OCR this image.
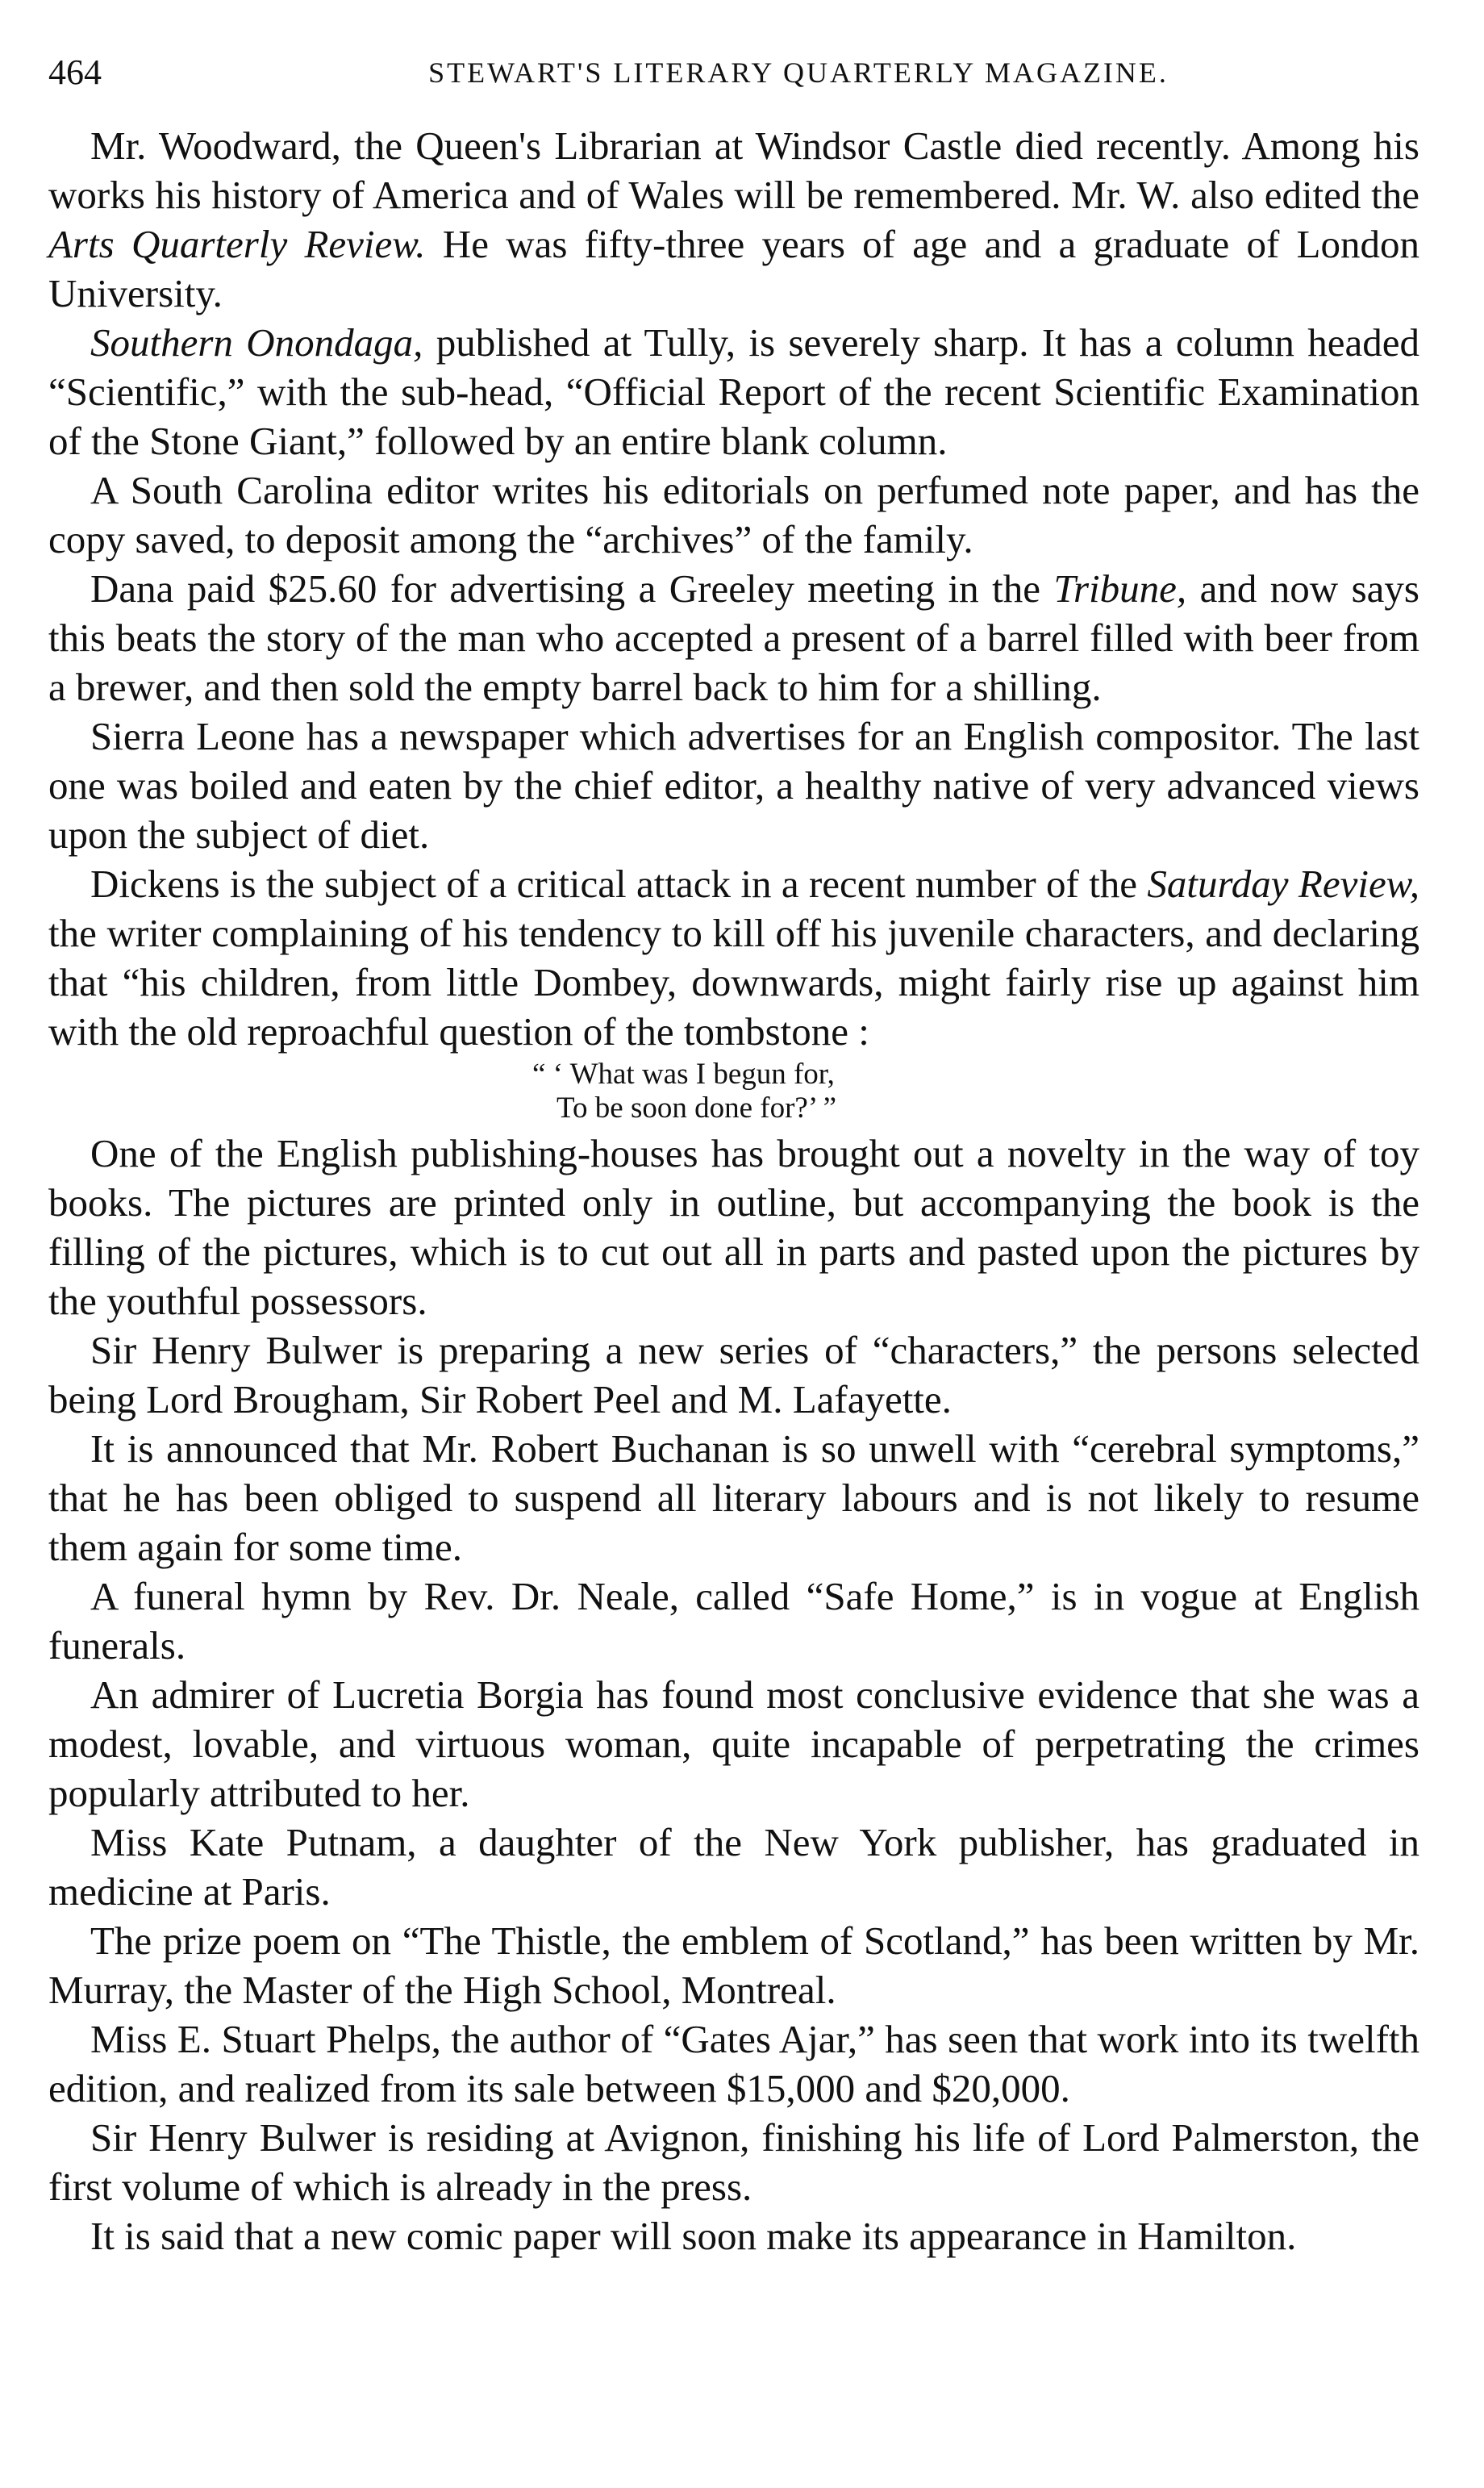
464	STEWART'S LITERARY QUARTERLY MAGAZINE.

Mr. Woodward, the Queen's Librarian at Windsor Castle died recently. Among his works his history of America and of Wales will be remembered. Mr. W. also edited the Arts Quarterly Review. He was fifty-three years of age and a graduate of London University.

Southern Onondaga, published at Tully, is severely sharp. It has a column headed “Scientific,” with the sub-head, “Official Report of the recent Scientific Examination of the Stone Giant,” followed by an entire blank column.

A South Carolina editor writes his editorials on perfumed note paper, and has the copy saved, to deposit among the “archives” of the family.

Dana paid $25.60 for advertising a Greeley meeting in the Tribune, and now says this beats the story of the man who accepted a present of a barrel filled with beer from a brewer, and then sold the empty barrel back to him for a shilling.

Sierra Leone has a newspaper which advertises for an English compositor. The last one was boiled and eaten by the chief editor, a healthy native of very advanced views upon the subject of diet.

Dickens is the subject of a critical attack in a recent number of the Saturday Review, the writer complaining of his tendency to kill off his juvenile characters, and declaring that “his children, from little Dombey, downwards, might fairly rise up against him with the old reproachful question of the tombstone :

“ ‘ What was I begun for,
To be soon done for?’ ”

One of the English publishing-houses has brought out a novelty in the way of toy books. The pictures are printed only in outline, but accompanying the book is the filling of the pictures, which is to cut out all in parts and pasted upon the pictures by the youthful possessors.

Sir Henry Bulwer is preparing a new series of “characters,” the persons selected being Lord Brougham, Sir Robert Peel and M. Lafayette.

It is announced that Mr. Robert Buchanan is so unwell with “cerebral symptoms,” that he has been obliged to suspend all literary labours and is not likely to resume them again for some time.

A funeral hymn by Rev. Dr. Neale, called “Safe Home,” is in vogue at English funerals.

An admirer of Lucretia Borgia has found most conclusive evidence that she was a modest, lovable, and virtuous woman, quite incapable of perpetrating the crimes popularly attributed to her.

Miss Kate Putnam, a daughter of the New York publisher, has graduated in medicine at Paris.

The prize poem on “The Thistle, the emblem of Scotland,” has been written by Mr. Murray, the Master of the High School, Montreal.

Miss E. Stuart Phelps, the author of “Gates Ajar,” has seen that work into its twelfth edition, and realized from its sale between $15,000 and $20,000.

Sir Henry Bulwer is residing at Avignon, finishing his life of Lord Palmerston, the first volume of which is already in the press.

It is said that a new comic paper will soon make its appearance in Hamilton.
